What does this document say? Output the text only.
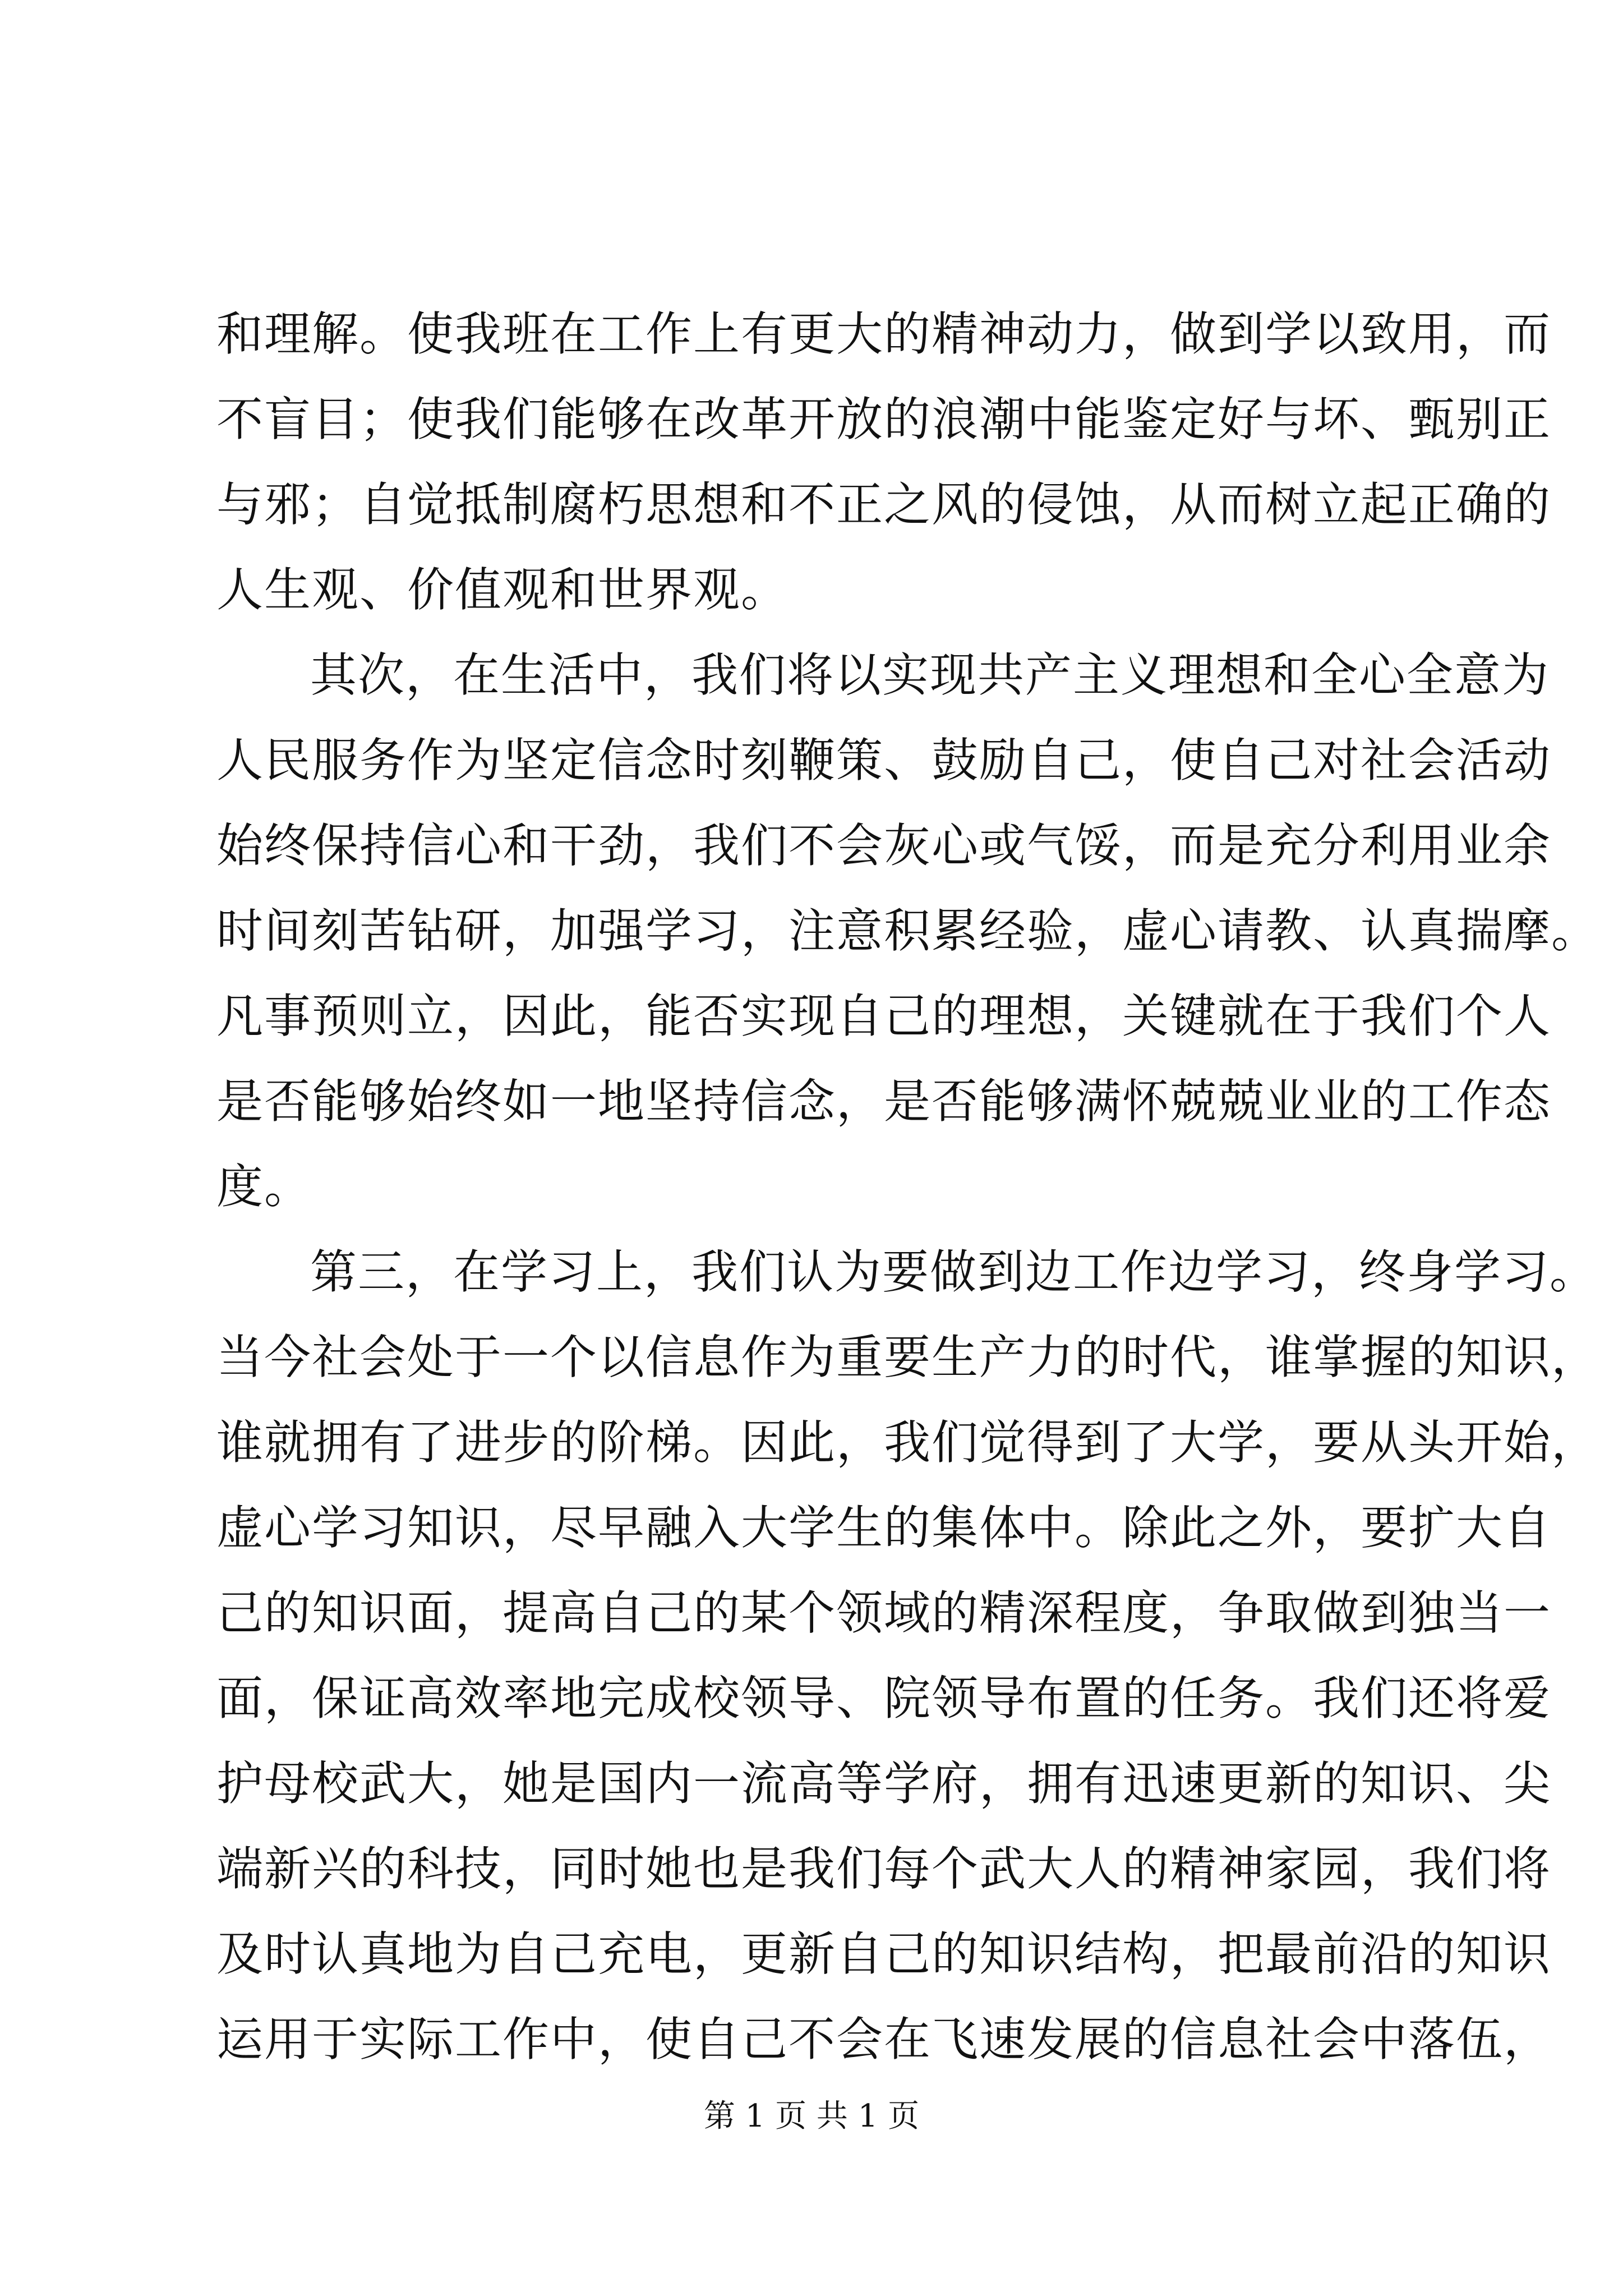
和理解。使我班在工作上有更大的精神动力，做到学以致用，而
不盲目；使我们能够在改革开放的浪潮中能鉴定好与坏、甄别正
与邪；自觉抵制腐朽思想和不正之风的侵蚀，从而树立起正确的
人生观、价值观和世界观。
其次，在生活中，我们将以实现共产主义理想和全心全意为
人民服务作为坚定信念时刻鞭策、鼓励自己，使自己对社会活动
始终保持信心和干劲，我们不会灰心或气馁，而是充分利用业余
时间刻苦钻研，加强学习，注意积累经验，虚心请教、认真揣摩。
凡事预则立，因此，能否实现自己的理想，关键就在于我们个人
是否能够始终如一地坚持信念，是否能够满怀兢兢业业的工作态
度。
第三，在学习上，我们认为要做到边工作边学习，终身学习。
当今社会处于一个以信息作为重要生产力的时代，谁掌握的知识，
谁就拥有了进步的阶梯。因此，我们觉得到了大学，要从头开始，
虚心学习知识，尽早融入大学生的集体中。除此之外，要扩大自
己的知识面，提高自己的某个领域的精深程度，争取做到独当一
面，保证高效率地完成校领导、院领导布置的任务。我们还将爱
护母校武大，她是国内一流高等学府，拥有迅速更新的知识、尖
端新兴的科技，同时她也是我们每个武大人的精神家园，我们将
及时认真地为自己充电，更新自己的知识结构，把最前沿的知识
运用于实际工作中，使自己不会在飞速发展的信息社会中落伍，
第 1 页 共 1 页
